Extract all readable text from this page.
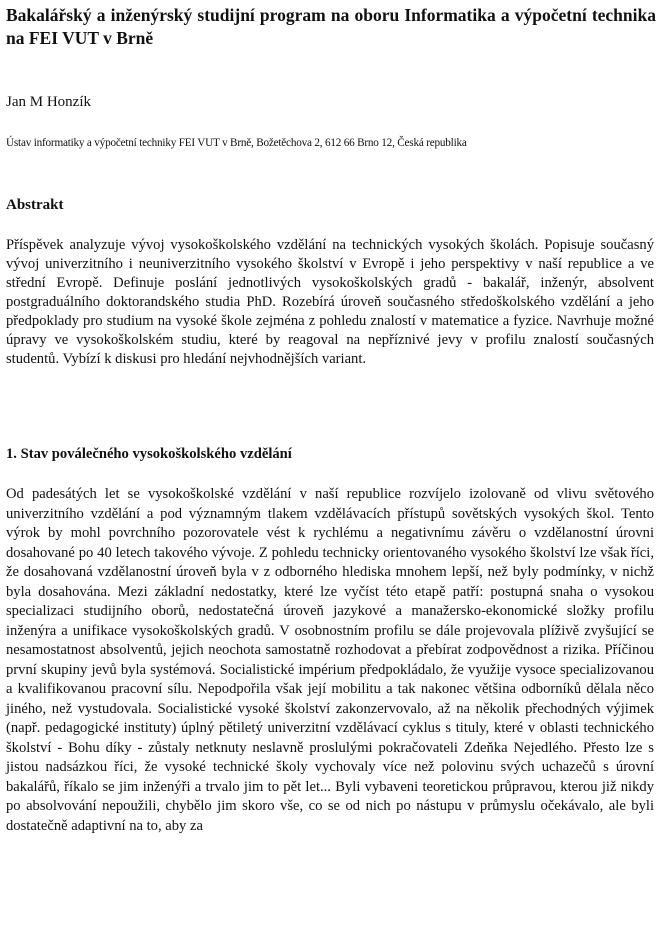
Bakalářský a inženýrský studijní program na oboru Informatika a výpočetní technika na FEI VUT v Brně

Jan M Honzík

Ústav informatiky a výpočetní techniky FEI VUT v Brně, Božetěchova 2, 612 66 Brno 12, Česká republika

Abstrakt

Příspěvek analyzuje vývoj vysokoškolského vzdělání na technických vysokých školách. Popisuje současný vývoj univerzitního i neuniverzitního vysokého školství v Evropě i jeho perspektivy v naší republice a ve střední Evropě. Definuje poslání jednotlivých vysokoškolských gradů - bakalář, inženýr, absolvent postgraduálního doktorandského studia PhD. Rozebírá úroveň současného středoškolského vzdělání a jeho předpoklady pro studium na vysoké škole zejména z pohledu znalostí v matematice a fyzice. Navrhuje možné úpravy ve vysokoškolském studiu, které by reagoval na nepříznivé jevy v profilu znalostí současných studentů. Vybízí k diskusi pro hledání nejvhodnějších variant.

1. Stav poválečného vysokoškolského vzdělání

Od padesátých let se vysokoškolské vzdělání v naší republice rozvíjelo izolovaně od vlivu světového univerzitního vzdělání a pod významným tlakem vzdělávacích přístupů sovětských vysokých škol. Tento výrok by mohl povrchního pozorovatele vést k rychlému a negativnímu závěru o vzdělanostní úrovni dosahované po 40 letech takového vývoje. Z pohledu technicky orientovaného vysokého školství lze však říci, že dosahovaná vzdělanostní úroveň byla v z odborného hlediska mnohem lepší, než byly podmínky, v nichž byla dosahována. Mezi základní nedostatky, které lze vyčíst této etapě patří: postupná snaha o vysokou specializaci studijního oborů, nedostatečná úroveň jazykové a manažersko-ekonomické složky profilu inženýra a unifikace vysokoškolských gradů. V osobnostním profilu se dále projevovala plíživě zvyšující se nesamostatnost absolventů, jejich neochota samostatně rozhodovat a přebírat zodpovědnost a rizika. Příčinou první skupiny jevů byla systémová. Socialistické impérium předpokládalo, že využije vysoce specializovanou a kvalifikovanou pracovní sílu. Nepodpořila však její mobilitu a tak nakonec většina odborníků dělala něco jiného, než vystudovala. Socialistické vysoké školství zakonzervovalo, až na několik přechodných výjimek (např. pedagogické instituty) úplný pětiletý univerzitní vzdělávací cyklus s tituly, které v oblasti technického školství - Bohu díky - zůstaly netknuty neslavně proslulými pokračovateli Zdeňka Nejedlého. Přesto lze s jistou nadsázkou říci, že vysoké technické školy vychovaly více než polovinu svých uchazečů s úrovní bakalářů, říkalo se jim inženýři a trvalo jim to pět let... Byli vybaveni teoretickou průpravou, kterou již nikdy po absolvování nepoužili, chybělo jim skoro vše, co se od nich po nástupu v průmyslu očekávalo, ale byli dostatečně adaptivní na to, aby za
